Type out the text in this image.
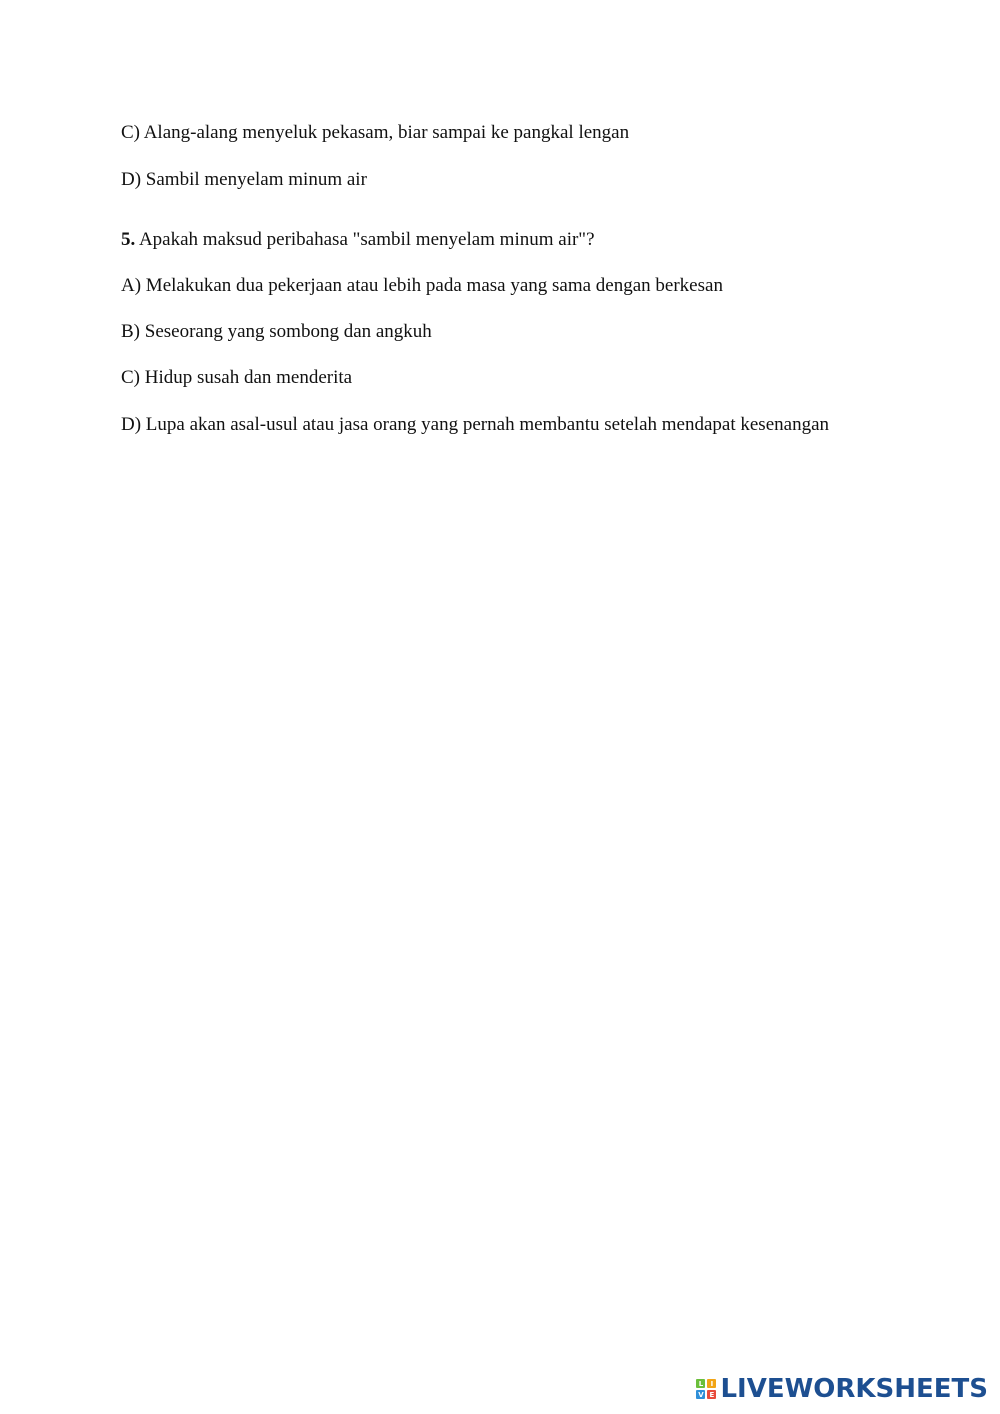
C) Alang-alang menyeluk pekasam, biar sampai ke pangkal lengan
D) Sambil menyelam minum air
5. Apakah maksud peribahasa "sambil menyelam minum air"?
A) Melakukan dua pekerjaan atau lebih pada masa yang sama dengan berkesan
B) Seseorang yang sombong dan angkuh
C) Hidup susah dan menderita
D) Lupa akan asal-usul atau jasa orang yang pernah membantu setelah mendapat kesenangan
L	I
V E LIVEWORKSHEETS
